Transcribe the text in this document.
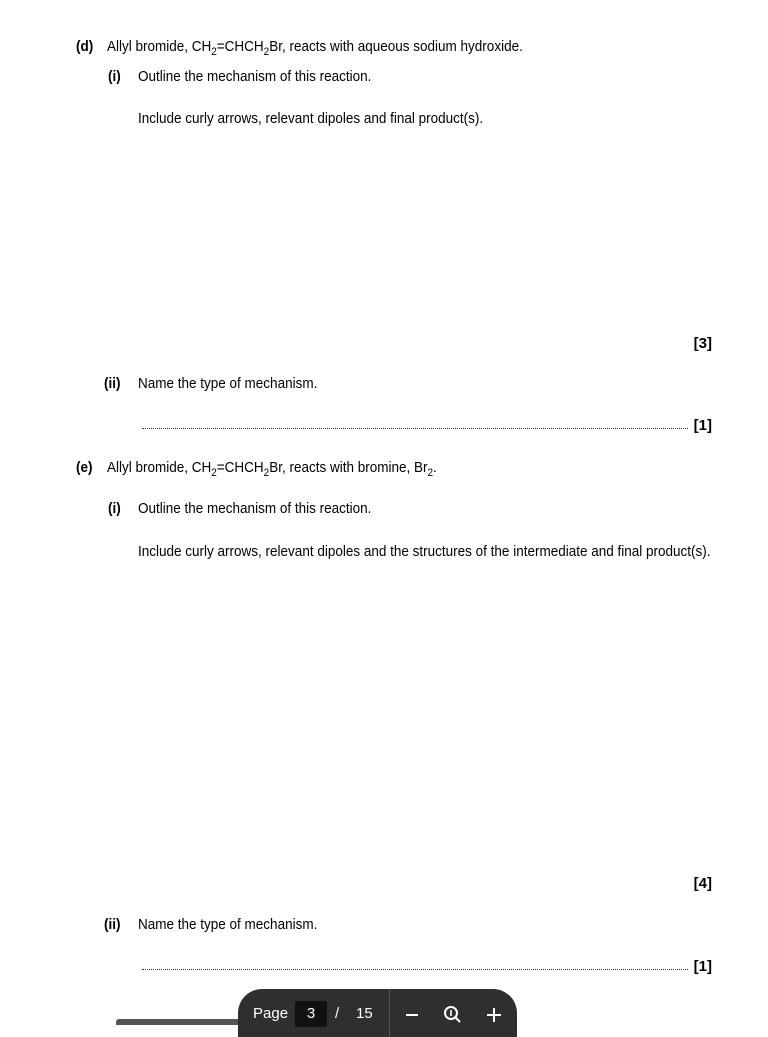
(d) Allyl bromide, $CH_2=CHCH_2Br$, reacts with aqueous sodium hydroxide.
(i) Outline the mechanism of this reaction.
Include curly arrows, relevant dipoles and final product(s).
[3]
(ii) Name the type of mechanism.
[1]
(e) Allyl bromide, $CH_2=CHCH_2Br$, reacts with bromine, $Br_2$.
(i) Outline the mechanism of this reaction.
Include curly arrows, relevant dipoles and the structures of the intermediate and final product(s).
[4]
(ii) Name the type of mechanism.
[1]
Page	3	/ 15
